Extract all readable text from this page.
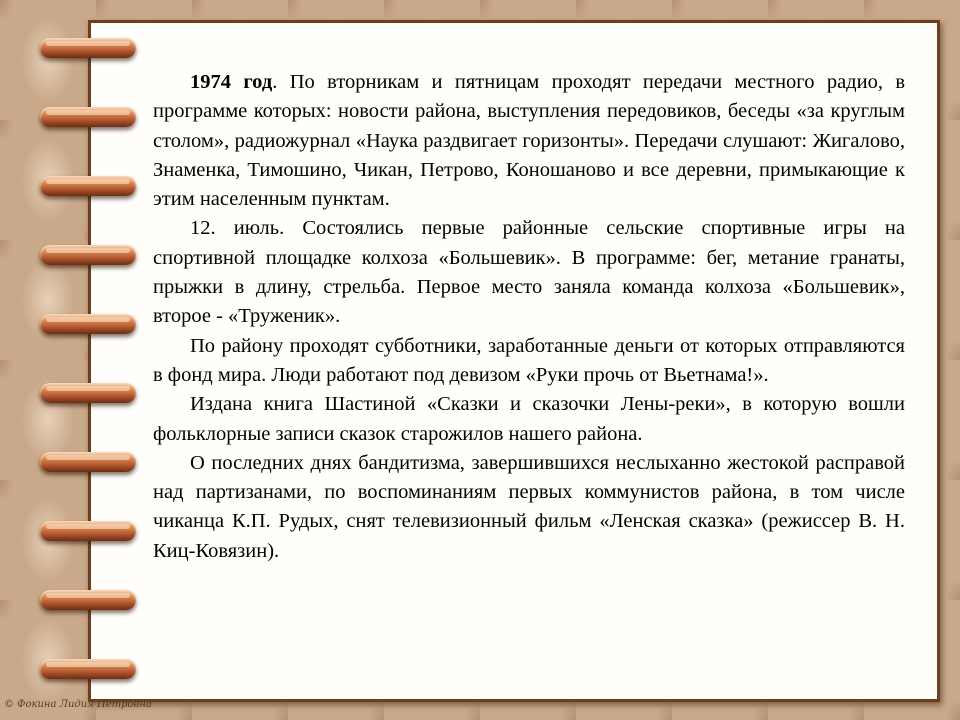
1974 год. По вторникам и пятницам проходят передачи местного радио, в программе которых: новости района, выступления передовиков, беседы «за круглым столом», радиожурнал «Наука раздвигает горизонты». Передачи слушают: Жигалово, Знаменка, Тимошино, Чикан, Петрово, Коношаново и все деревни, примыкающие к этим населенным пунктам.

12. июль. Состоялись первые районные сельские спортивные игры на спортивной площадке колхоза «Большевик». В программе: бег, метание гранаты, прыжки в длину, стрельба. Первое место заняла команда колхоза «Большевик», второе - «Труженик».

По району проходят субботники, заработанные деньги от которых отправляются в фонд мира. Люди работают под девизом «Руки прочь от Вьетнама!».

Издана книга Шастиной «Сказки и сказочки Лены-реки», в которую вошли фольклорные записи сказок старожилов нашего района.

О последних днях бандитизма, завершившихся неслыханно жестокой расправой над партизанами, по воспоминаниям первых коммунистов района, в том числе чиканца К.П. Рудых, снят телевизионный фильм «Ленская сказка» (режиссер В. Н. Киц-Ковязин).

© Фокина Лидия Петровна
